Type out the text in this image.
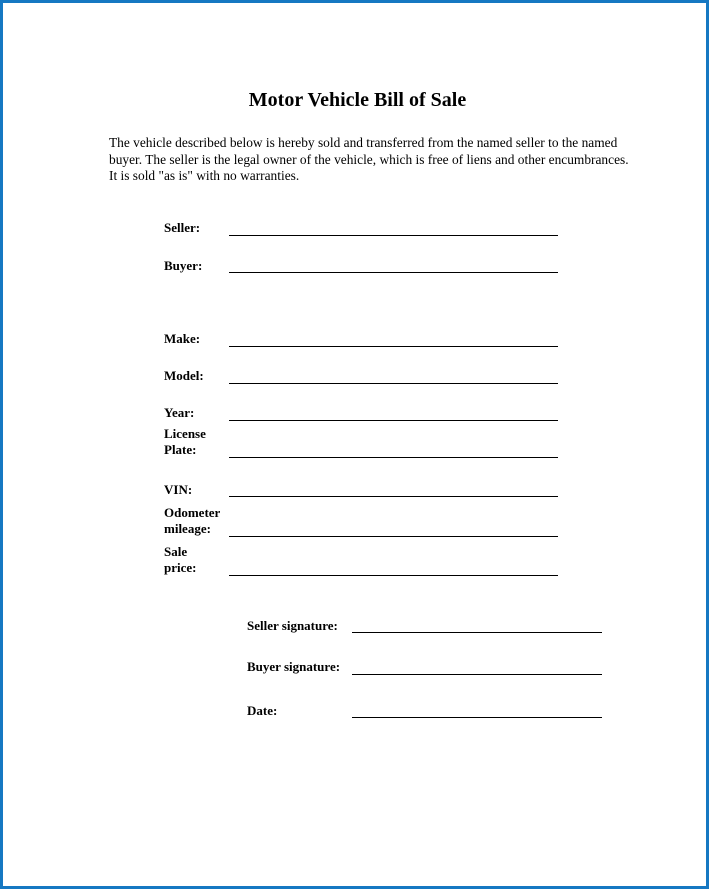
Motor Vehicle Bill of Sale

The vehicle described below is hereby sold and transferred from the named seller to the named buyer. The seller is the legal owner of the vehicle, which is free of liens and other encumbrances. It is sold "as is" with no warranties.

Seller:
Buyer:
Make:
Model:
Year:
License
Plate:
VIN:
Odometer
mileage:
Sale
price:
Seller signature:
Buyer signature:
Date:
